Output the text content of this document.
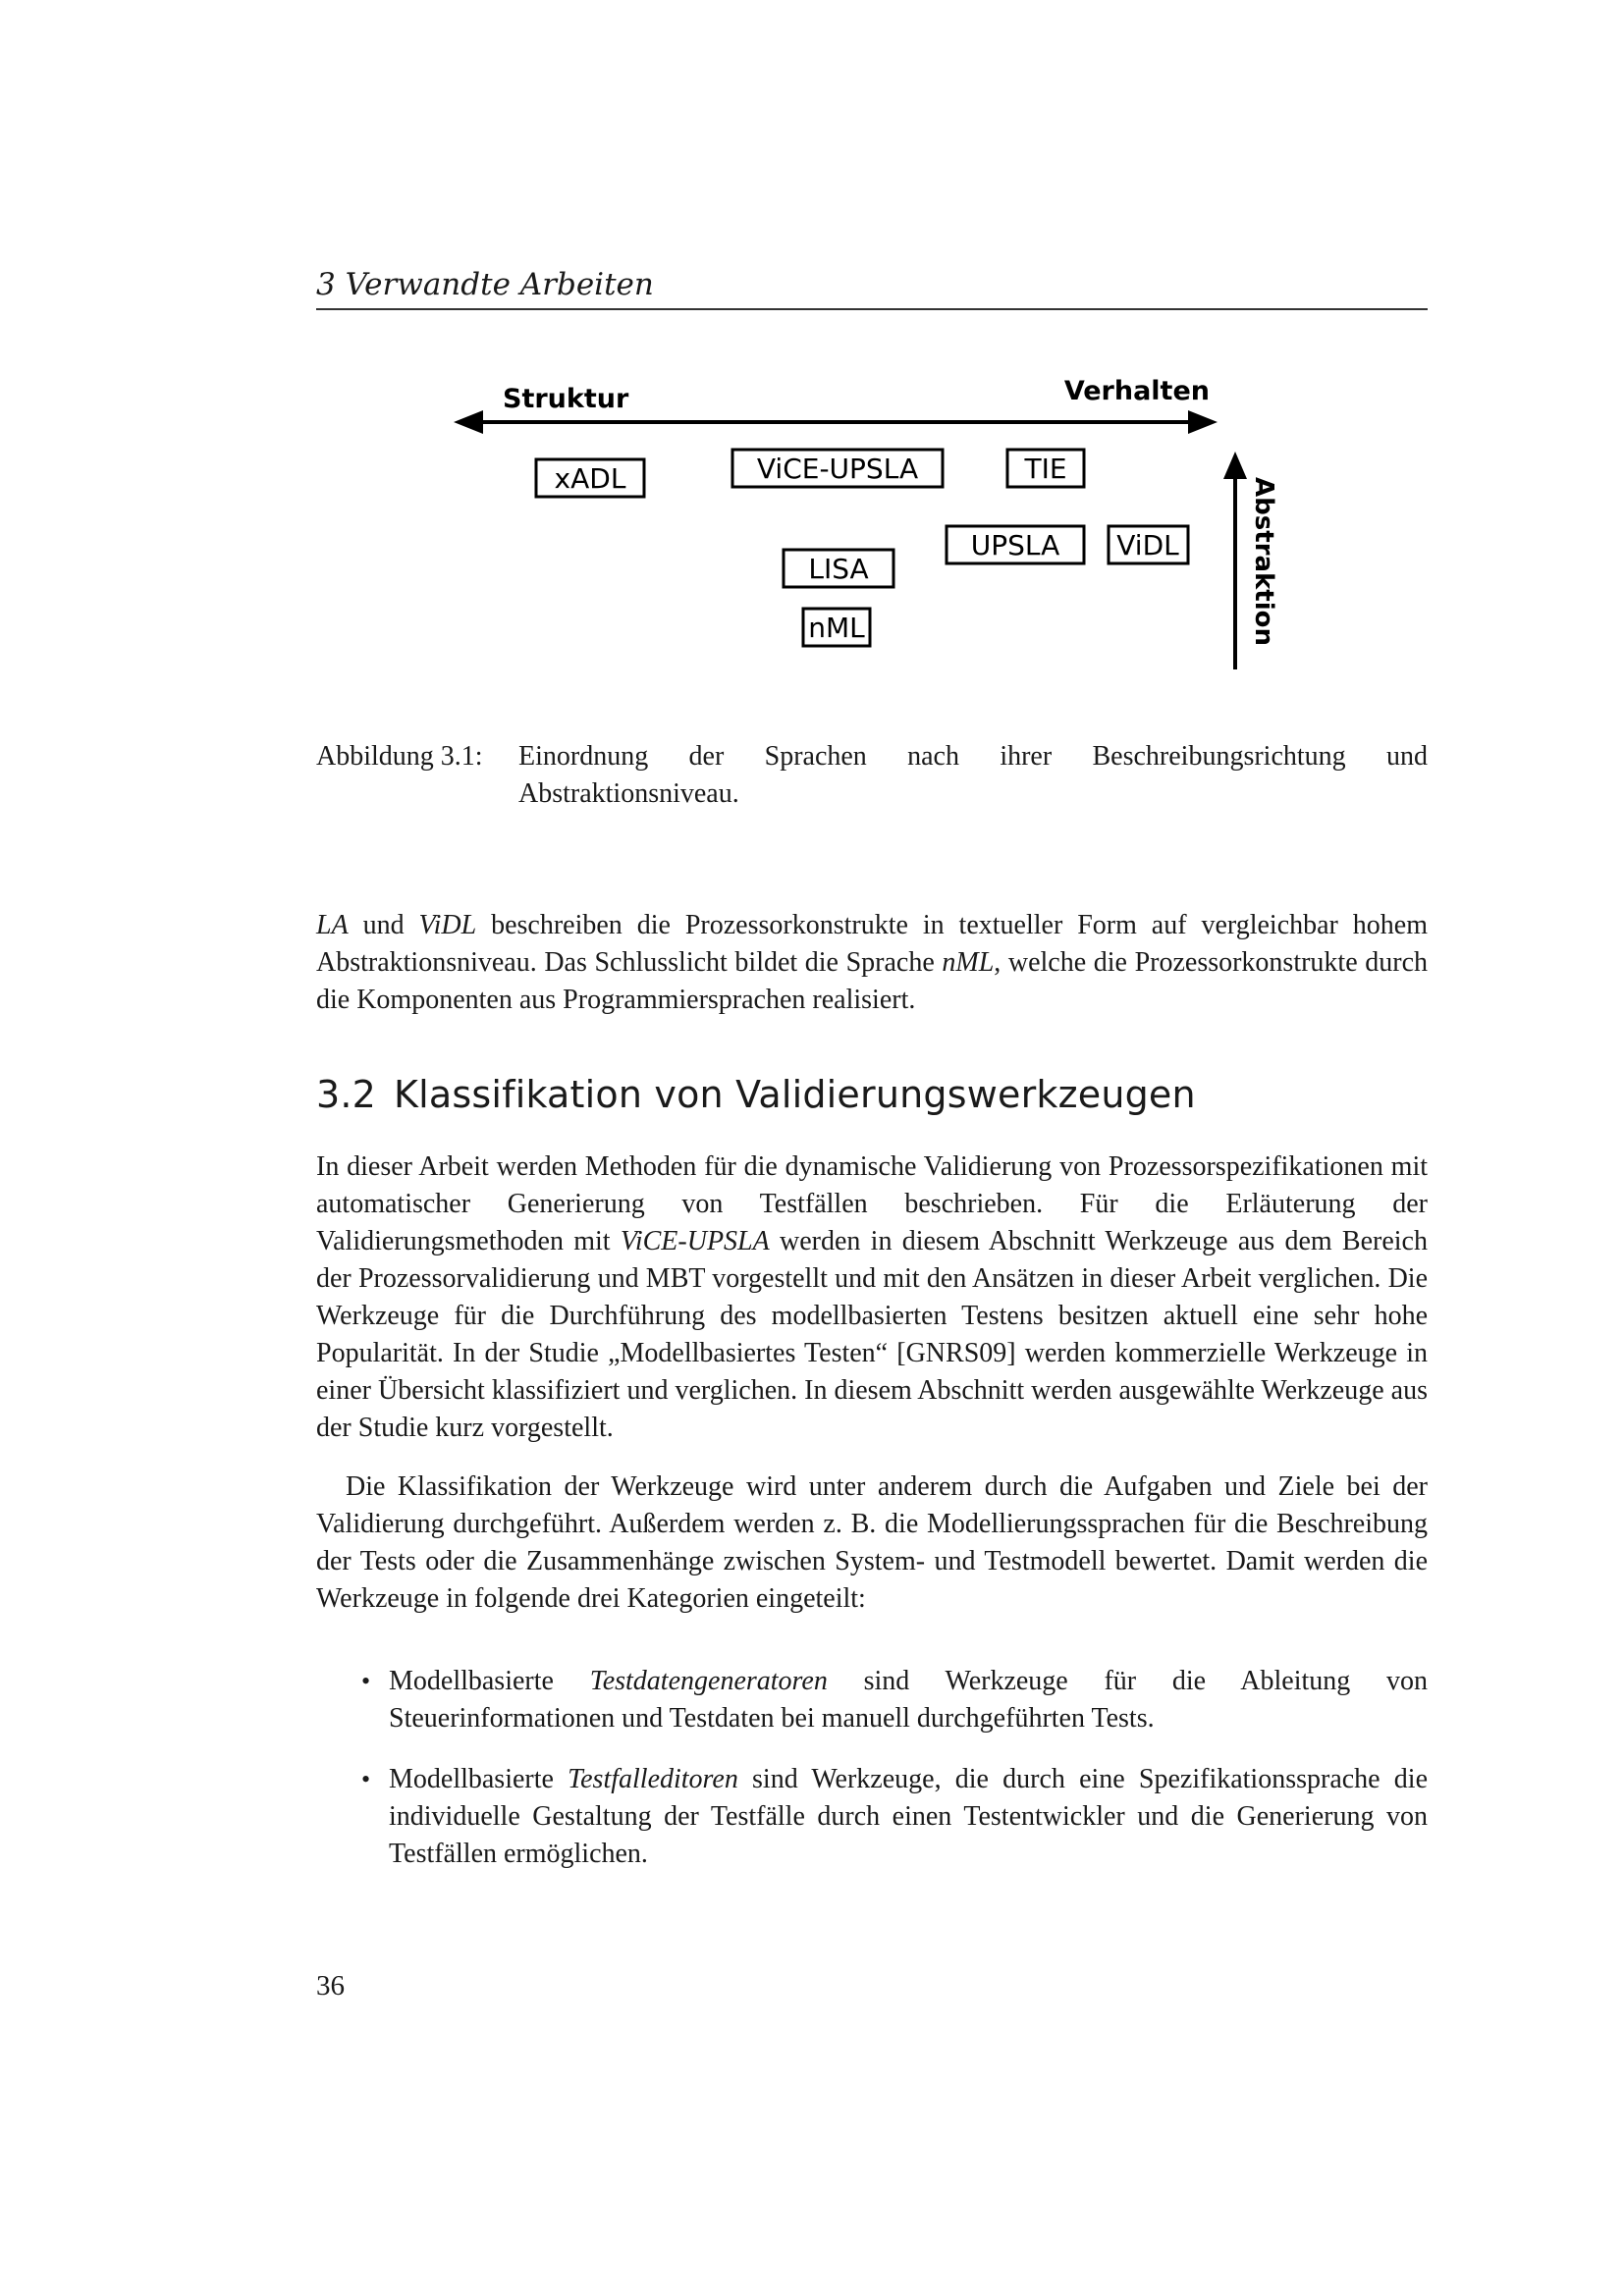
3 Verwandte Arbeiten
Struktur	Verhalten
Abstraktion
xADL	ViCE-UPSLA	TIE
UPSLA ViDL
LISA
nML
Abbildung 3.1: Einordnung der Sprachen nach ihrer Beschreibungsrichtung und Abstraktionsniveau.

LA und ViDL beschreiben die Prozessorkonstrukte in textueller Form auf vergleichbar hohem Abstraktionsniveau. Das Schlusslicht bildet die Sprache nML, welche die Prozessorkonstrukte durch die Komponenten aus Programmiersprachen realisiert.

3.2 Klassifikation von Validierungswerkzeugen

In dieser Arbeit werden Methoden für die dynamische Validierung von Prozessorspezifikationen mit automatischer Generierung von Testfällen beschrieben. Für die Erläuterung der Validierungsmethoden mit ViCE-UPSLA werden in diesem Abschnitt Werkzeuge aus dem Bereich der Prozessorvalidierung und MBT vorgestellt und mit den Ansätzen in dieser Arbeit verglichen. Die Werkzeuge für die Durchführung des modellbasierten Testens besitzen aktuell eine sehr hohe Popularität. In der Studie „Modellbasiertes Testen“ [GNRS09] werden kommerzielle Werkzeuge in einer Übersicht klassifiziert und verglichen. In diesem Abschnitt werden ausgewählte Werkzeuge aus der Studie kurz vorgestellt.

Die Klassifikation der Werkzeuge wird unter anderem durch die Aufgaben und Ziele bei der Validierung durchgeführt. Außerdem werden z. B. die Modellierungssprachen für die Beschreibung der Tests oder die Zusammenhänge zwischen System- und Testmodell bewertet. Damit werden die Werkzeuge in folgende drei Kategorien eingeteilt:

• Modellbasierte Testdatengeneratoren sind Werkzeuge für die Ableitung von Steuerinformationen und Testdaten bei manuell durchgeführten Tests.
• Modellbasierte Testfalleditoren sind Werkzeuge, die durch eine Spezifikationssprache die individuelle Gestaltung der Testfälle durch einen Testentwickler und die Generierung von Testfällen ermöglichen.
36
